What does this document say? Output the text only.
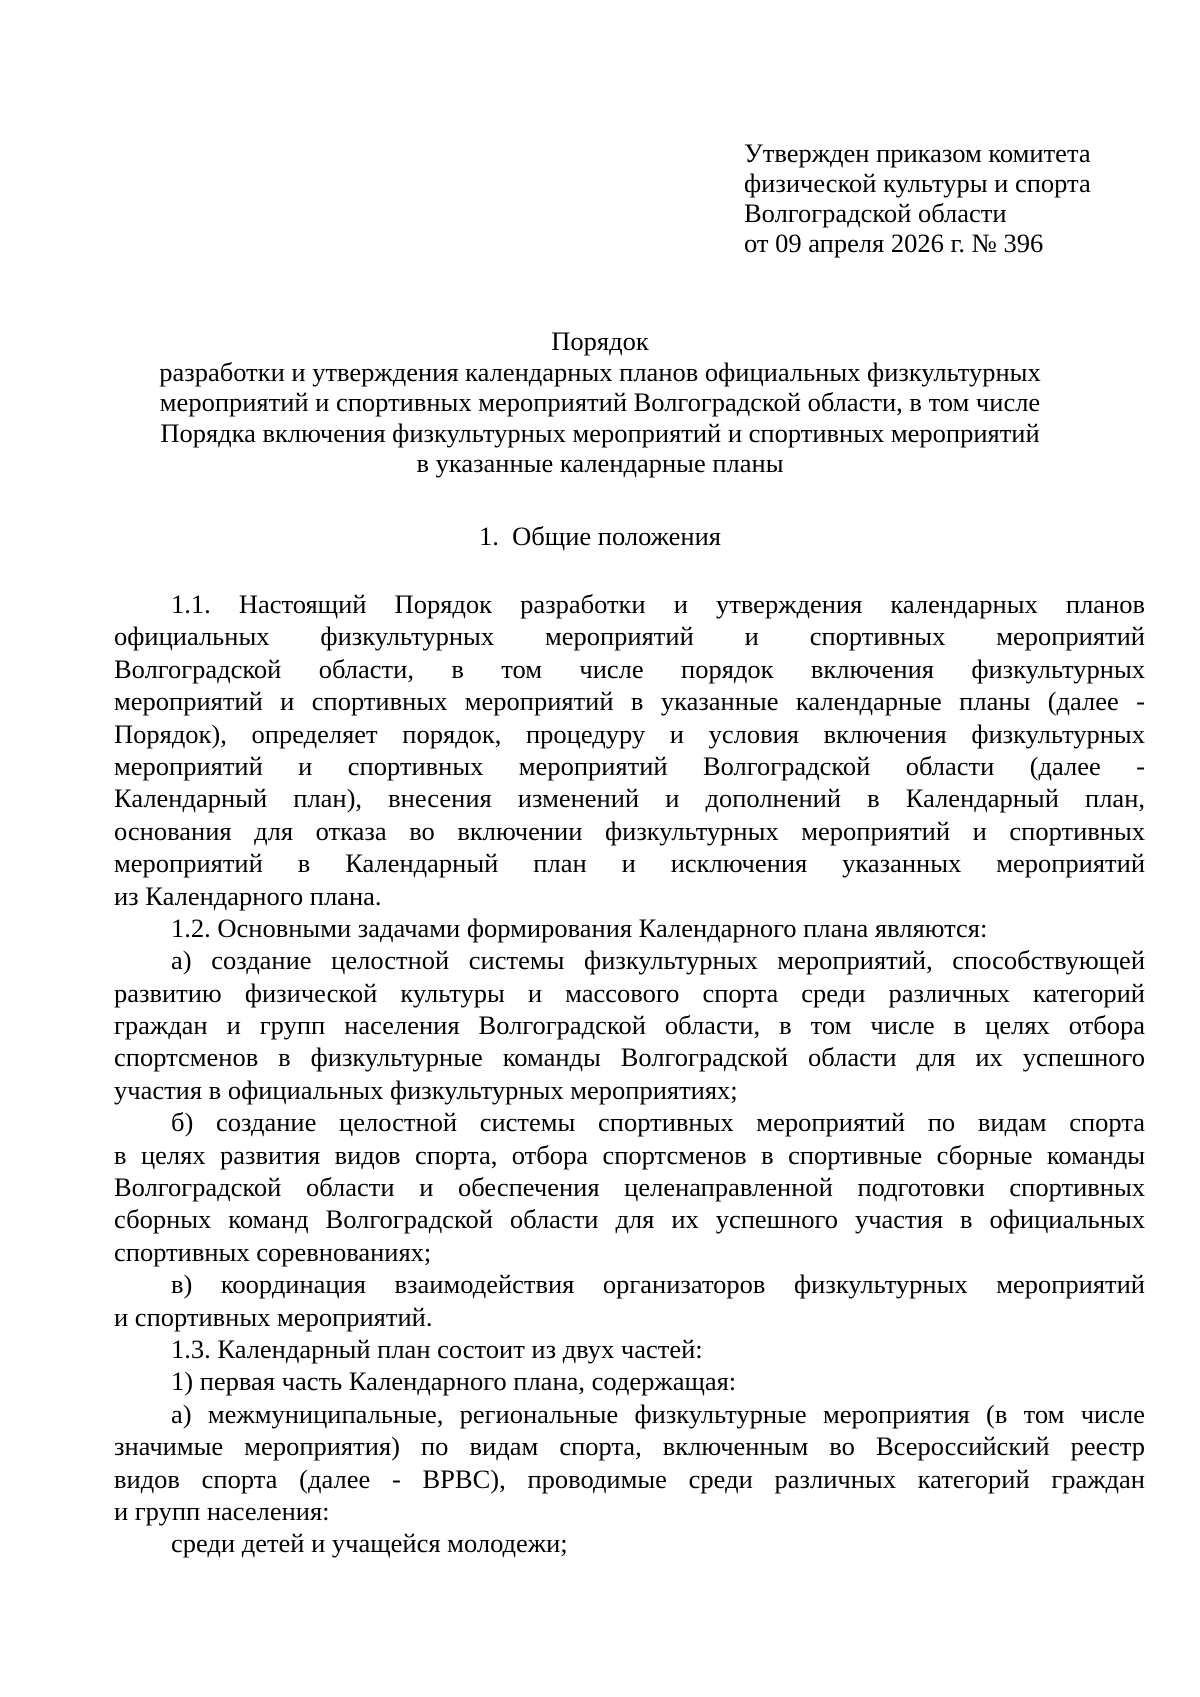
Утвержден приказом комитета
физической культуры и спорта
Волгоградской области
от 09 апреля 2026 г. № 396
Порядок
разработки и утверждения календарных планов официальных физкультурных
мероприятий и спортивных мероприятий Волгоградской области, в том числе
Порядка включения физкультурных мероприятий и спортивных мероприятий
в указанные календарные планы
1. Общие положения
1.1. Настоящий Порядок разработки и утверждения календарных планов
официальных физкультурных мероприятий и спортивных мероприятий
Волгоградской области, в том числе порядок включения физкультурных
мероприятий и спортивных мероприятий в указанные календарные планы (далее -
Порядок), определяет порядок, процедуру и условия включения физкультурных
мероприятий и спортивных мероприятий Волгоградской области (далее -
Календарный план), внесения изменений и дополнений в Календарный план,
основания для отказа во включении физкультурных мероприятий и спортивных
мероприятий в Календарный план и исключения указанных мероприятий
из Календарного плана.
1.2. Основными задачами формирования Календарного плана являются:
а) создание целостной системы физкультурных мероприятий, способствующей
развитию физической культуры и массового спорта среди различных категорий
граждан и групп населения Волгоградской области, в том числе в целях отбора
спортсменов в физкультурные команды Волгоградской области для их успешного
участия в официальных физкультурных мероприятиях;
б) создание целостной системы спортивных мероприятий по видам спорта
в целях развития видов спорта, отбора спортсменов в спортивные сборные команды
Волгоградской области и обеспечения целенаправленной подготовки спортивных
сборных команд Волгоградской области для их успешного участия в официальных
спортивных соревнованиях;
в) координация взаимодействия организаторов физкультурных мероприятий
и спортивных мероприятий.
1.3. Календарный план состоит из двух частей:
1) первая часть Календарного плана, содержащая:
а) межмуниципальные, региональные физкультурные мероприятия (в том числе
значимые мероприятия) по видам спорта, включенным во Всероссийский реестр
видов спорта (далее - ВРВС), проводимые среди различных категорий граждан
и групп населения:
среди детей и учащейся молодежи;
